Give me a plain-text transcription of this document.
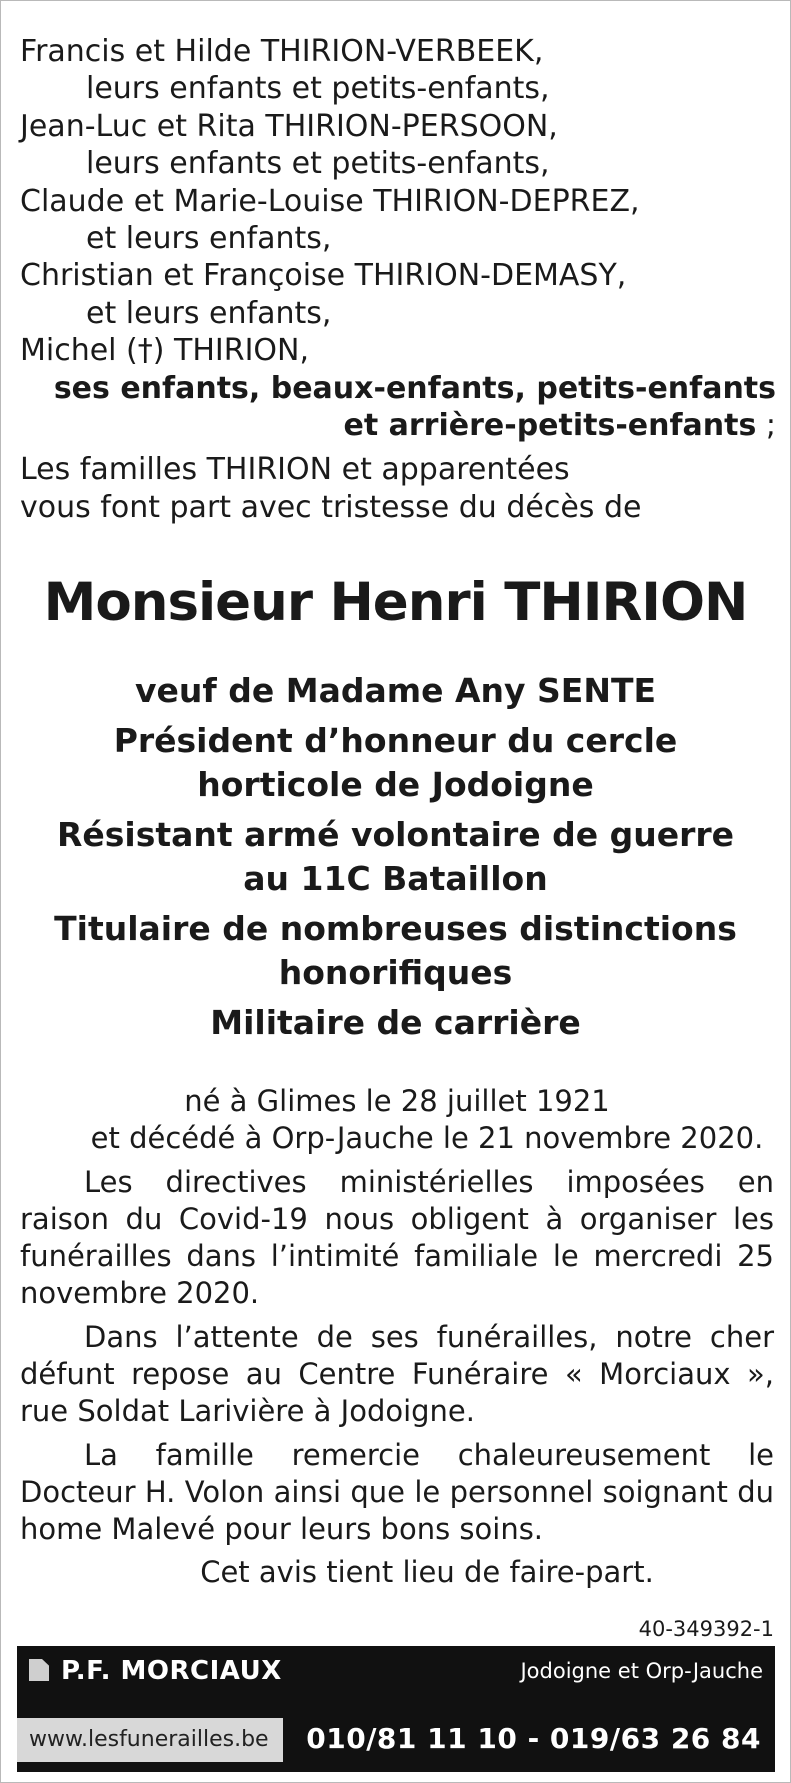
Francis et Hilde THIRION-VERBEEK,
leurs enfants et petits-enfants,
Jean-Luc et Rita THIRION-PERSOON,
leurs enfants et petits-enfants,
Claude et Marie-Louise THIRION-DEPREZ,
et leurs enfants,
Christian et Françoise THIRION-DEMASY,
et leurs enfants,
Michel (†) THIRION,
ses enfants, beaux-enfants, petits-enfants
et arrière-petits-enfants ;
Les familles THIRION et apparentées
vous font part avec tristesse du décès de
Monsieur Henri THIRION
veuf de Madame Any SENTE
Président d’honneur du cercle horticole de Jodoigne
Résistant armé volontaire de guerre au 11C Bataillon
Titulaire de nombreuses distinctions honorifiques
Militaire de carrière
né à Glimes le 28 juillet 1921
et décédé à Orp-Jauche le 21 novembre 2020.
Les directives ministérielles imposées en raison du Covid-19 nous obligent à organiser les funérailles dans l’intimité familiale le mercredi 25 novembre 2020.
Dans l’attente de ses funérailles, notre cher défunt repose au Centre Funéraire « Morciaux », rue Soldat Larivière à Jodoigne.
La famille remercie chaleureusement le Docteur H. Volon ainsi que le personnel soignant du home Malevé pour leurs bons soins.
Cet avis tient lieu de faire-part.
40-349392-1
P.F. MORCIAUX	Jodoigne et Orp-Jauche
www.lesfunerailles.be	010/81 11 10 - 019/63 26 84
